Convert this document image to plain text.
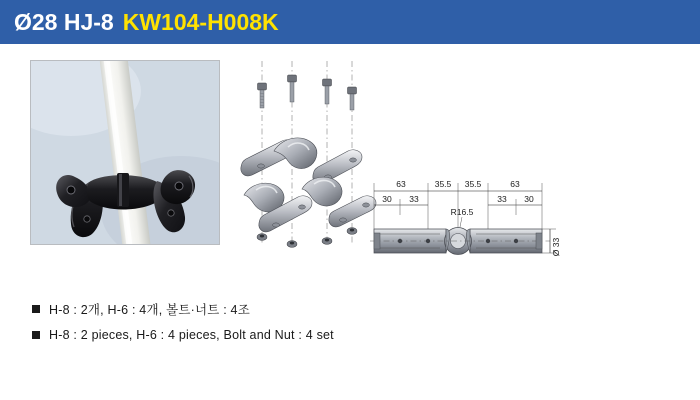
Ø28 HJ-8 KW104-H008K
63	35.5 35.5	63
30 33	33 30
R16.5
Ø 33
H-8 : 2개, H-6 : 4개, 볼트·너트 : 4조
H-8 : 2 pieces, H-6 : 4 pieces, Bolt and Nut : 4 set
